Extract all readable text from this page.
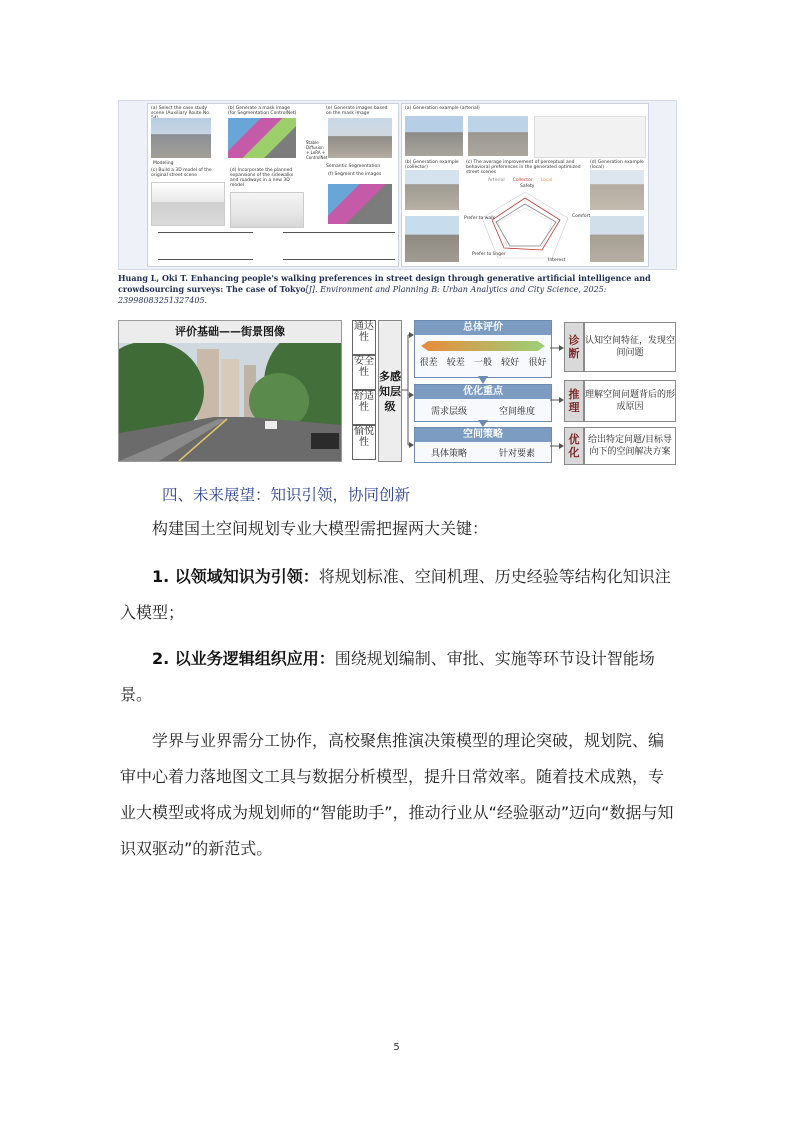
(a) Select the case study scene (Auxiliary Route No.
(b) Generate a mask image (for Segmentation ControlNet)
(e) Generate images based on the mask image
Modeling
Stable Diffusion + LoRA + ControlNet
(c) Build a 3D model of the original street scene
(d) Incorporate the planned expansions of the sidewalks and roadways in a new 3D model
Semantic Segmentation
(f) Segment the images
(a) Generation example (arterial)
(b) Generation example (collector)
(c) The average improvement of perceptual and behavioral preferences in the generated optimized street scenes
Arterial Collector Local
Safety
Comfort
Interest
Prefer to linger
Prefer to walk
(d) Generation example (local)
Huang L, Oki T. Enhancing people's walking preferences in street design through generative artificial intelligence and crowdsourcing surveys: The case of Tokyo[J]. Environment and Planning B: Urban Analytics and City Science, 2025: 23998083251327405.
评价基础——街景图像	通达性
安全性
舒适性
愉悦性
多感知层级
总体评价
很差 较差 一般 较好 很好
优化重点
需求层级	空间维度
空间策略
具体策略	针对要素
诊断
认知空间特征，发现空间问题
推理
理解空间问题背后的形成原因
优化
给出特定问题/目标导向下的空间解决方案
四、未来展望：知识引领，协同创新
构建国土空间规划专业大模型需把握两大关键：
1. 以领域知识为引领：将规划标准、空间机理、历史经验等结构化知识注入模型；
2. 以业务逻辑组织应用：围绕规划编制、审批、实施等环节设计智能场景。
学界与业界需分工协作，高校聚焦推演决策模型的理论突破，规划院、编审中心着力落地图文工具与数据分析模型，提升日常效率。随着技术成熟，专业大模型或将成为规划师的“智能助手”，推动行业从“经验驱动”迈向“数据与知识双驱动”的新范式。
5
